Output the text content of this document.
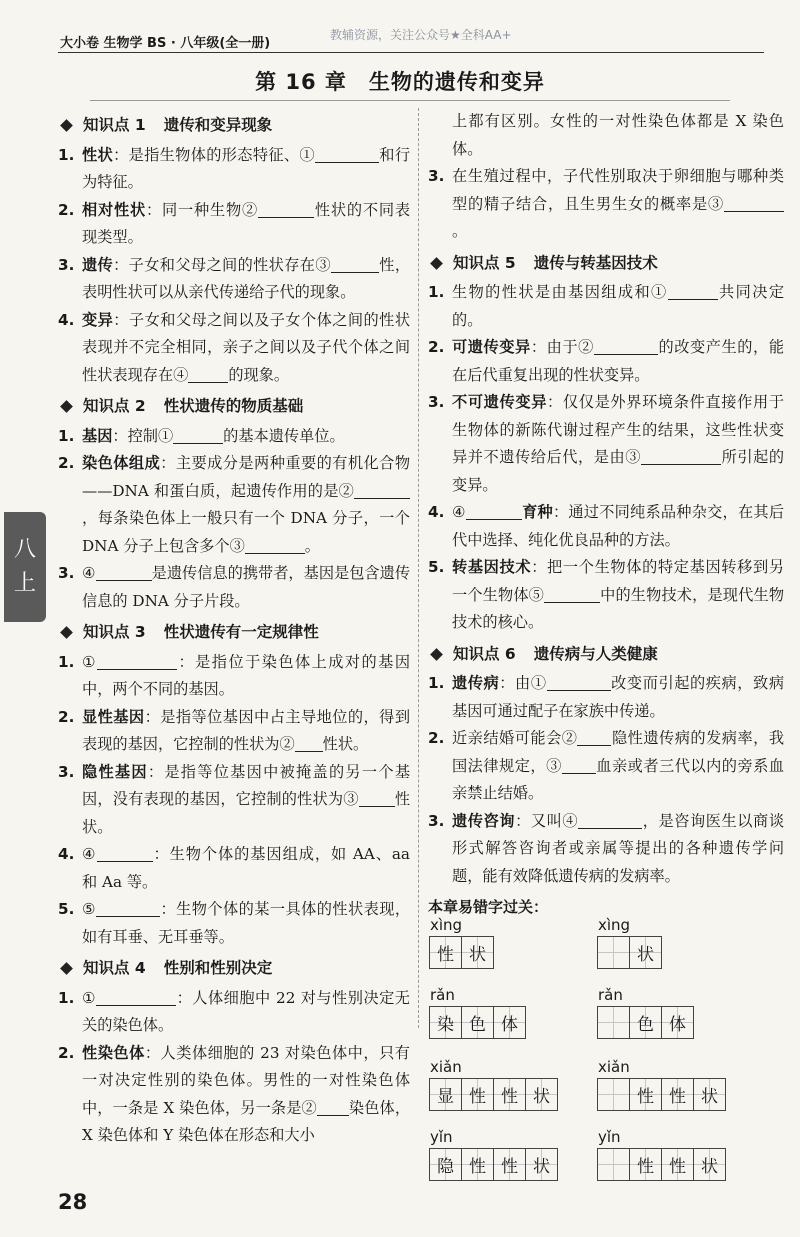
大小卷 生物学 BS · 八年级(全一册)
教辅资源，关注公众号★全科AA+
第 16 章　生物的遗传和变异
八
上
知识点 1 遗传和变异现象
1. 性状：是指生物体的形态特征、①	和行为特征。
2. 相对性状：同一种生物②	性状的不同表现类型。
3. 遗传：子女和父母之间的性状存在③	性，表明性状可以从亲代传递给子代的现象。
4. 变异：子女和父母之间以及子女个体之间的性状表现并不完全相同，亲子之间以及子代个体之间性状表现存在④	的现象。
知识点 2 性状遗传的物质基础
1. 基因：控制①	的基本遗传单位。
2. 染色体组成：主要成分是两种重要的有机化合物——DNA 和蛋白质，起遗传作用的是②，每条染色体上一般只有一个 DNA 分子，一个 DNA 分子上包含多个③	。
3. ④	是遗传信息的携带者，基因是包含遗传信息的 DNA 分子片段。
知识点 3 性状遗传有一定规律性
1. ①	：是指位于染色体上成对的基因中，两个不同的基因。
2. 显性基因：是指等位基因中占主导地位的，得到表现的基因，它控制的性状为② 性状。
3. 隐性基因：是指等位基因中被掩盖的另一个基因，没有表现的基因，它控制的性状为③ 性状。
4. ④	：生物个体的基因组成，如 AA、aa 和 Aa 等。
5. ⑤	：生物个体的某一具体的性状表现，如有耳垂、无耳垂等。
知识点 4 性别和性别决定
1. ①	：人体细胞中 22 对与性别决定无关的染色体。
2. 性染色体：人类体细胞的 23 对染色体中，只有一对决定性别的染色体。男性的一对性染色体中，一条是 X 染色体，另一条是② 染色体，X 染色体和 Y 染色体在形态和大小
上都有区别。女性的一对性染色体都是 X 染色体。
3. 在生殖过程中，子代性别取决于卵细胞与哪种类型的精子结合，且生男生女的概率是③。
知识点 5 遗传与转基因技术
1. 生物的性状是由基因组成和①	共同决定的。
2. 可遗传变异：由于②	的改变产生的，能在后代重复出现的性状变异。
3. 不可遗传变异：仅仅是外界环境条件直接作用于生物体的新陈代谢过程产生的结果，这些性状变异并不遗传给后代，是由③	所引起的变异。
4. ④	育种：通过不同纯系品种杂交，在其后代中选择、纯化优良品种的方法。
5. 转基因技术：把一个生物体的特定基因转移到另一个生物体⑤	中的生物技术，是现代生物技术的核心。
知识点 6 遗传病与人类健康
1. 遗传病：由①	改变而引起的疾病，致病基因可通过配子在家族中传递。
2. 近亲结婚可能会② 隐性遗传病的发病率，我国法律规定，③ 血亲或者三代以内的旁系血亲禁止结婚。
3. 遗传咨询：又叫④	，是咨询医生以商谈形式解答咨询者或亲属等提出的各种遗传学问题，能有效降低遗传病的发病率。
本章易错字过关：
xìng
性 状
xìng
状
rǎn
染 色 体
rǎn
色 体
xiǎn
显 性 性 状
xiǎn
性 性 状
yǐn
隐 性 性 状
yǐn
性 性 状
28
